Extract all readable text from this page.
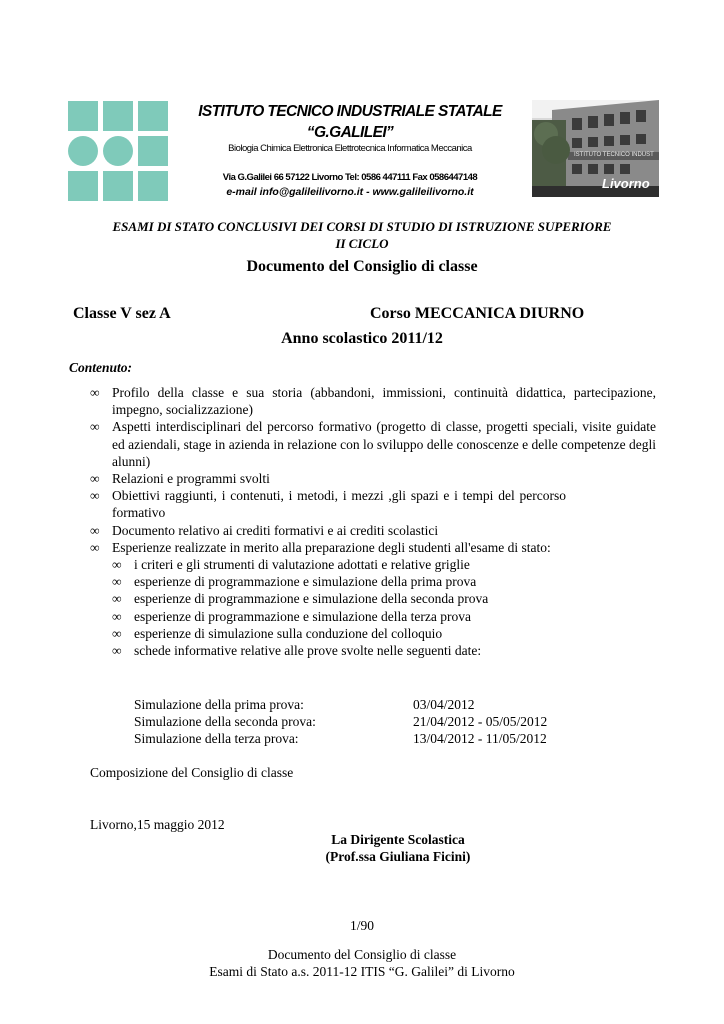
ISTITUTO TECNICO INDUSTRIALE STATALE
“G.GALILEI”
Biologia Chimica Elettronica Elettrotecnica Informatica Meccanica
Via G.Galilei 66 57122 Livorno Tel: 0586 447111 Fax 0586447148
e-mail info@galileilivorno.it - www.galileilivorno.it
ISTITUTO TECNICO INDUST
Livorno
ESAMI DI STATO CONCLUSIVI DEI CORSI DI STUDIO DI ISTRUZIONE SUPERIORE
II CICLO
Documento del Consiglio di classe
Classe V sez A	Corso MECCANICA DIURNO
Anno scolastico 2011/12
Contenuto:
∞ Profilo della classe e sua storia (abbandoni, immissioni, continuità didattica, partecipazione, impegno, socializzazione)
∞ Aspetti interdisciplinari del percorso formativo (progetto di classe, progetti speciali, visite guidate ed aziendali, stage in azienda in relazione con lo sviluppo delle conoscenze e delle competenze degli alunni)
∞ Relazioni e programmi svolti
∞ Obiettivi raggiunti, i contenuti, i metodi, i mezzi ,gli spazi e i tempi del percorso formativo
∞ Documento relativo ai crediti formativi e ai crediti scolastici
∞ Esperienze realizzate in merito alla preparazione degli studenti all'esame di stato:
∞ i criteri e gli strumenti di valutazione adottati e relative griglie
∞ esperienze di programmazione e simulazione della prima prova
∞ esperienze di programmazione e simulazione della seconda prova
∞ esperienze di programmazione e simulazione della terza prova
∞ esperienze di simulazione sulla conduzione del colloquio
∞ schede informative relative alle prove svolte nelle seguenti date:
Simulazione della prima prova:	03/04/2012
Simulazione della seconda prova:	21/04/2012 - 05/05/2012
Simulazione della terza prova:	13/04/2012 - 11/05/2012
Composizione del Consiglio di classe
Livorno,15 maggio 2012
La Dirigente Scolastica
(Prof.ssa Giuliana Ficini)
1/90
Documento del Consiglio di classe
Esami di Stato a.s. 2011-12 ITIS “G. Galilei” di Livorno
